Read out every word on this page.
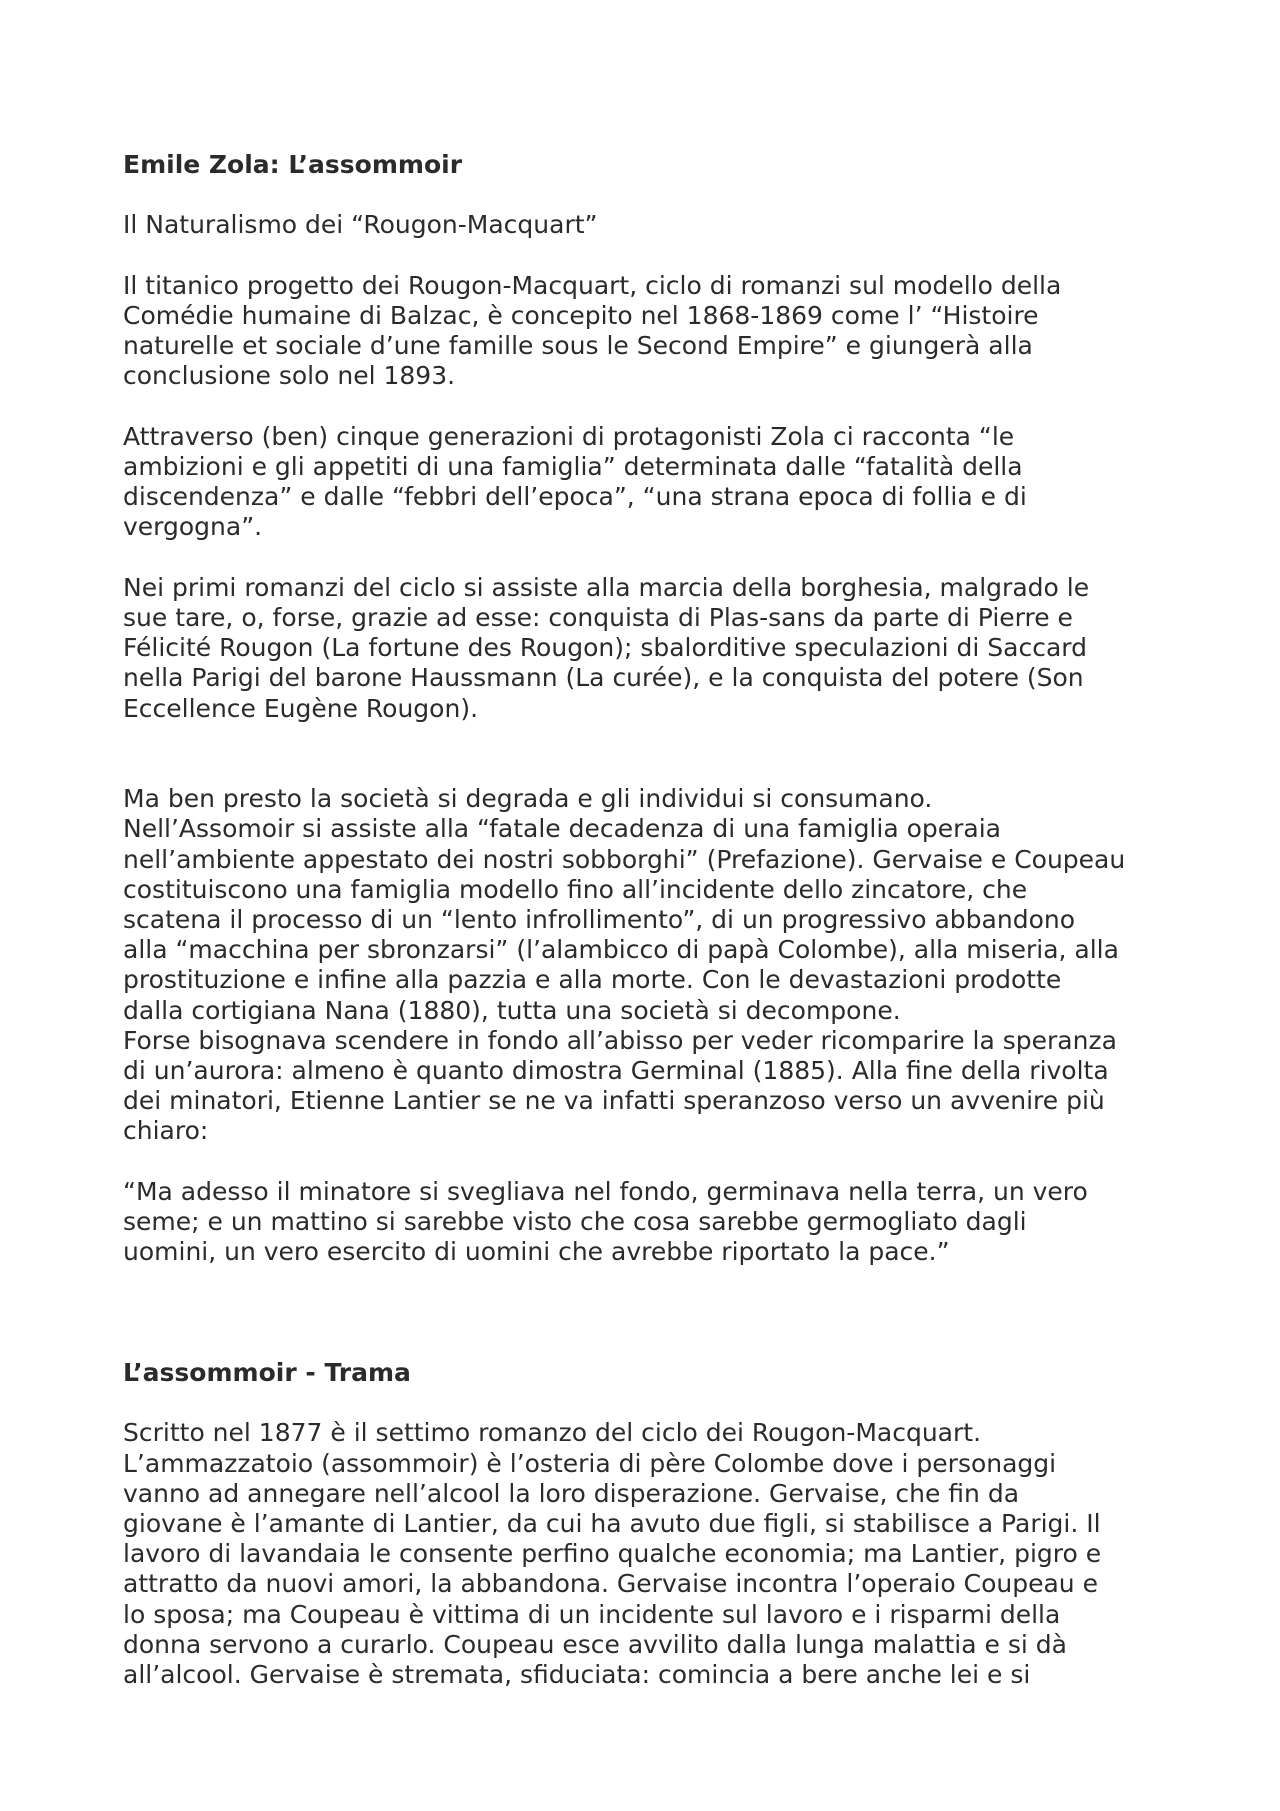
Emile Zola: L’assommoir

Il Naturalismo dei “Rougon-Macquart”

Il titanico progetto dei Rougon-Macquart, ciclo di romanzi sul modello della
Comédie humaine di Balzac, è concepito nel 1868-1869 come l’ “Histoire
naturelle et sociale d’une famille sous le Second Empire” e giungerà alla
conclusione solo nel 1893.

Attraverso (ben) cinque generazioni di protagonisti Zola ci racconta “le
ambizioni e gli appetiti di una famiglia” determinata dalle “fatalità della
discendenza” e dalle “febbri dell’epoca”, “una strana epoca di follia e di
vergogna”.

Nei primi romanzi del ciclo si assiste alla marcia della borghesia, malgrado le
sue tare, o, forse, grazie ad esse: conquista di Plas-sans da parte di Pierre e
Félicité Rougon (La fortune des Rougon); sbalorditive speculazioni di Saccard
nella Parigi del barone Haussmann (La curée), e la conquista del potere (Son
Eccellence Eugène Rougon).

Ma ben presto la società si degrada e gli individui si consumano.
Nell’Assomoir si assiste alla “fatale decadenza di una famiglia operaia
nell’ambiente appestato dei nostri sobborghi” (Prefazione). Gervaise e Coupeau
costituiscono una famiglia modello fino all’incidente dello zincatore, che
scatena il processo di un “lento infrollimento”, di un progressivo abbandono
alla “macchina per sbronzarsi” (l’alambicco di papà Colombe), alla miseria, alla
prostituzione e infine alla pazzia e alla morte. Con le devastazioni prodotte
dalla cortigiana Nana (1880), tutta una società si decompone.
Forse bisognava scendere in fondo all’abisso per veder ricomparire la speranza
di un’aurora: almeno è quanto dimostra Germinal (1885). Alla fine della rivolta
dei minatori, Etienne Lantier se ne va infatti speranzoso verso un avvenire più
chiaro:

“Ma adesso il minatore si svegliava nel fondo, germinava nella terra, un vero
seme; e un mattino si sarebbe visto che cosa sarebbe germogliato dagli
uomini, un vero esercito di uomini che avrebbe riportato la pace.”

L’assommoir - Trama

Scritto nel 1877 è il settimo romanzo del ciclo dei Rougon-Macquart.
L’ammazzatoio (assommoir) è l’osteria di père Colombe dove i personaggi
vanno ad annegare nell’alcool la loro disperazione. Gervaise, che fin da
giovane è l’amante di Lantier, da cui ha avuto due figli, si stabilisce a Parigi. Il
lavoro di lavandaia le consente perfino qualche economia; ma Lantier, pigro e
attratto da nuovi amori, la abbandona. Gervaise incontra l’operaio Coupeau e
lo sposa; ma Coupeau è vittima di un incidente sul lavoro e i risparmi della
donna servono a curarlo. Coupeau esce avvilito dalla lunga malattia e si dà
all’alcool. Gervaise è stremata, sfiduciata: comincia a bere anche lei e si
